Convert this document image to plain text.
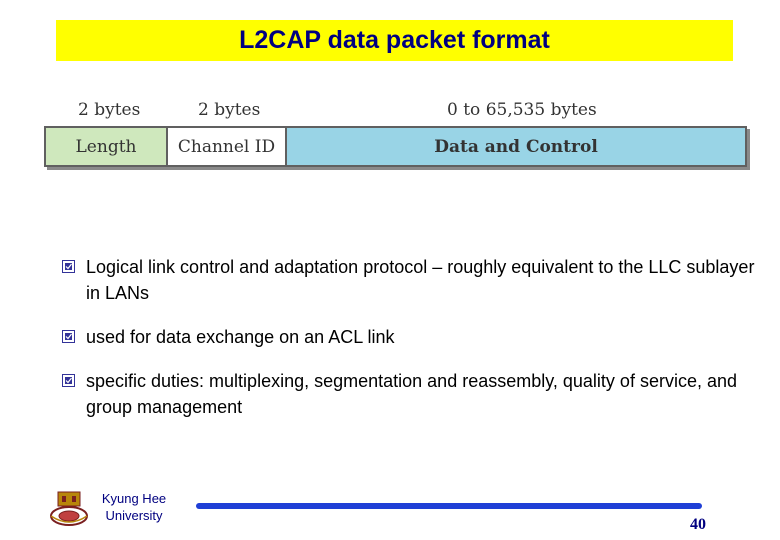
L2CAP data packet format
2 bytes	2 bytes	0 to 65,535 bytes
Length	Channel ID	Data and Control
Logical link control and adaptation protocol – roughly equivalent to the LLC sublayer in LANs
used for data exchange on an ACL link
specific duties: multiplexing, segmentation and reassembly, quality of service, and group management
Kyung Hee
University
40
